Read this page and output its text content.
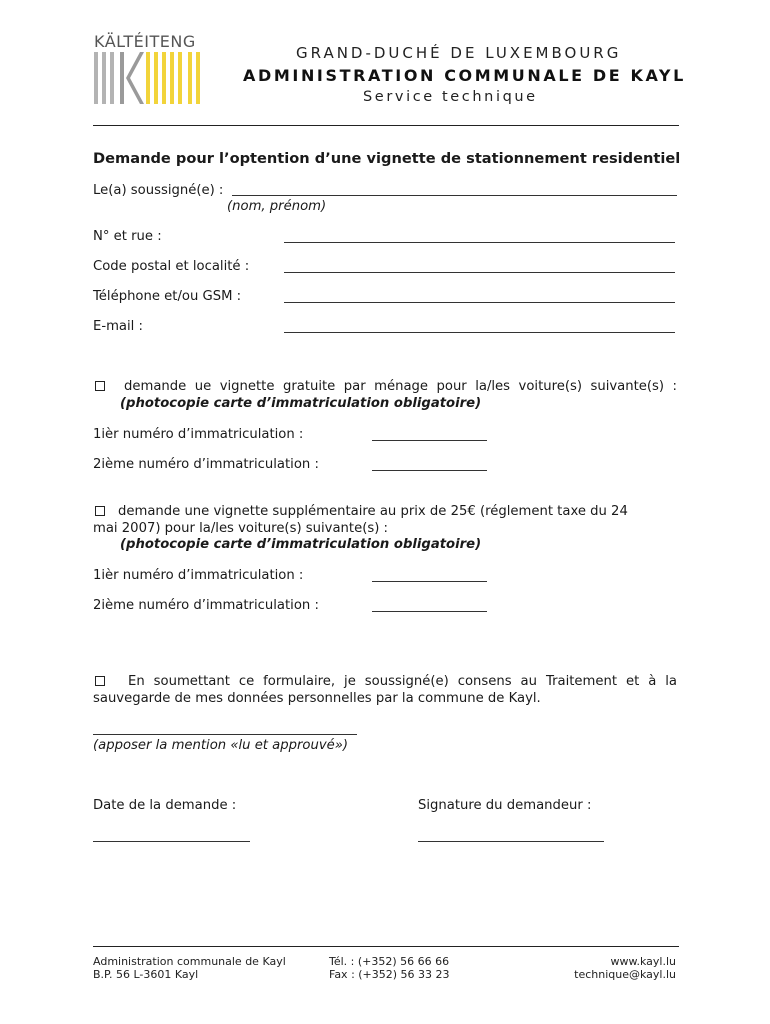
KÄLTÉITENG
GRAND-DUCHÉ DE LUXEMBOURG
ADMINISTRATION COMMUNALE DE KAYL
Service technique
Demande pour l’optention d’une vignette de stationnement residentiel
Le(a) soussigné(e) :
(nom, prénom)
N° et rue :
Code postal et localité :
Téléphone et/ou GSM :
E-mail :
demande ue vignette gratuite par ménage pour la/les voiture(s) suivante(s) :
(photocopie carte d’immatriculation obligatoire)
1ièr numéro d’immatriculation :
2ième numéro d’immatriculation :
demande une vignette supplémentaire au prix de 25€ (réglement taxe du 24
mai 2007) pour la/les voiture(s) suivante(s) :
(photocopie carte d’immatriculation obligatoire)
1ièr numéro d’immatriculation :
2ième numéro d’immatriculation :
En soumettant ce formulaire, je soussigné(e) consens au Traitement et à la
sauvegarde de mes données personnelles par la commune de Kayl.
(apposer la mention «lu et approuvé»)
Date de la demande :	Signature du demandeur :
Administration communale de Kayl
B.P. 56 L-3601 Kayl
Tél. : (+352) 56 66 66
Fax : (+352) 56 33 23
www.kayl.lu
technique@kayl.lu
